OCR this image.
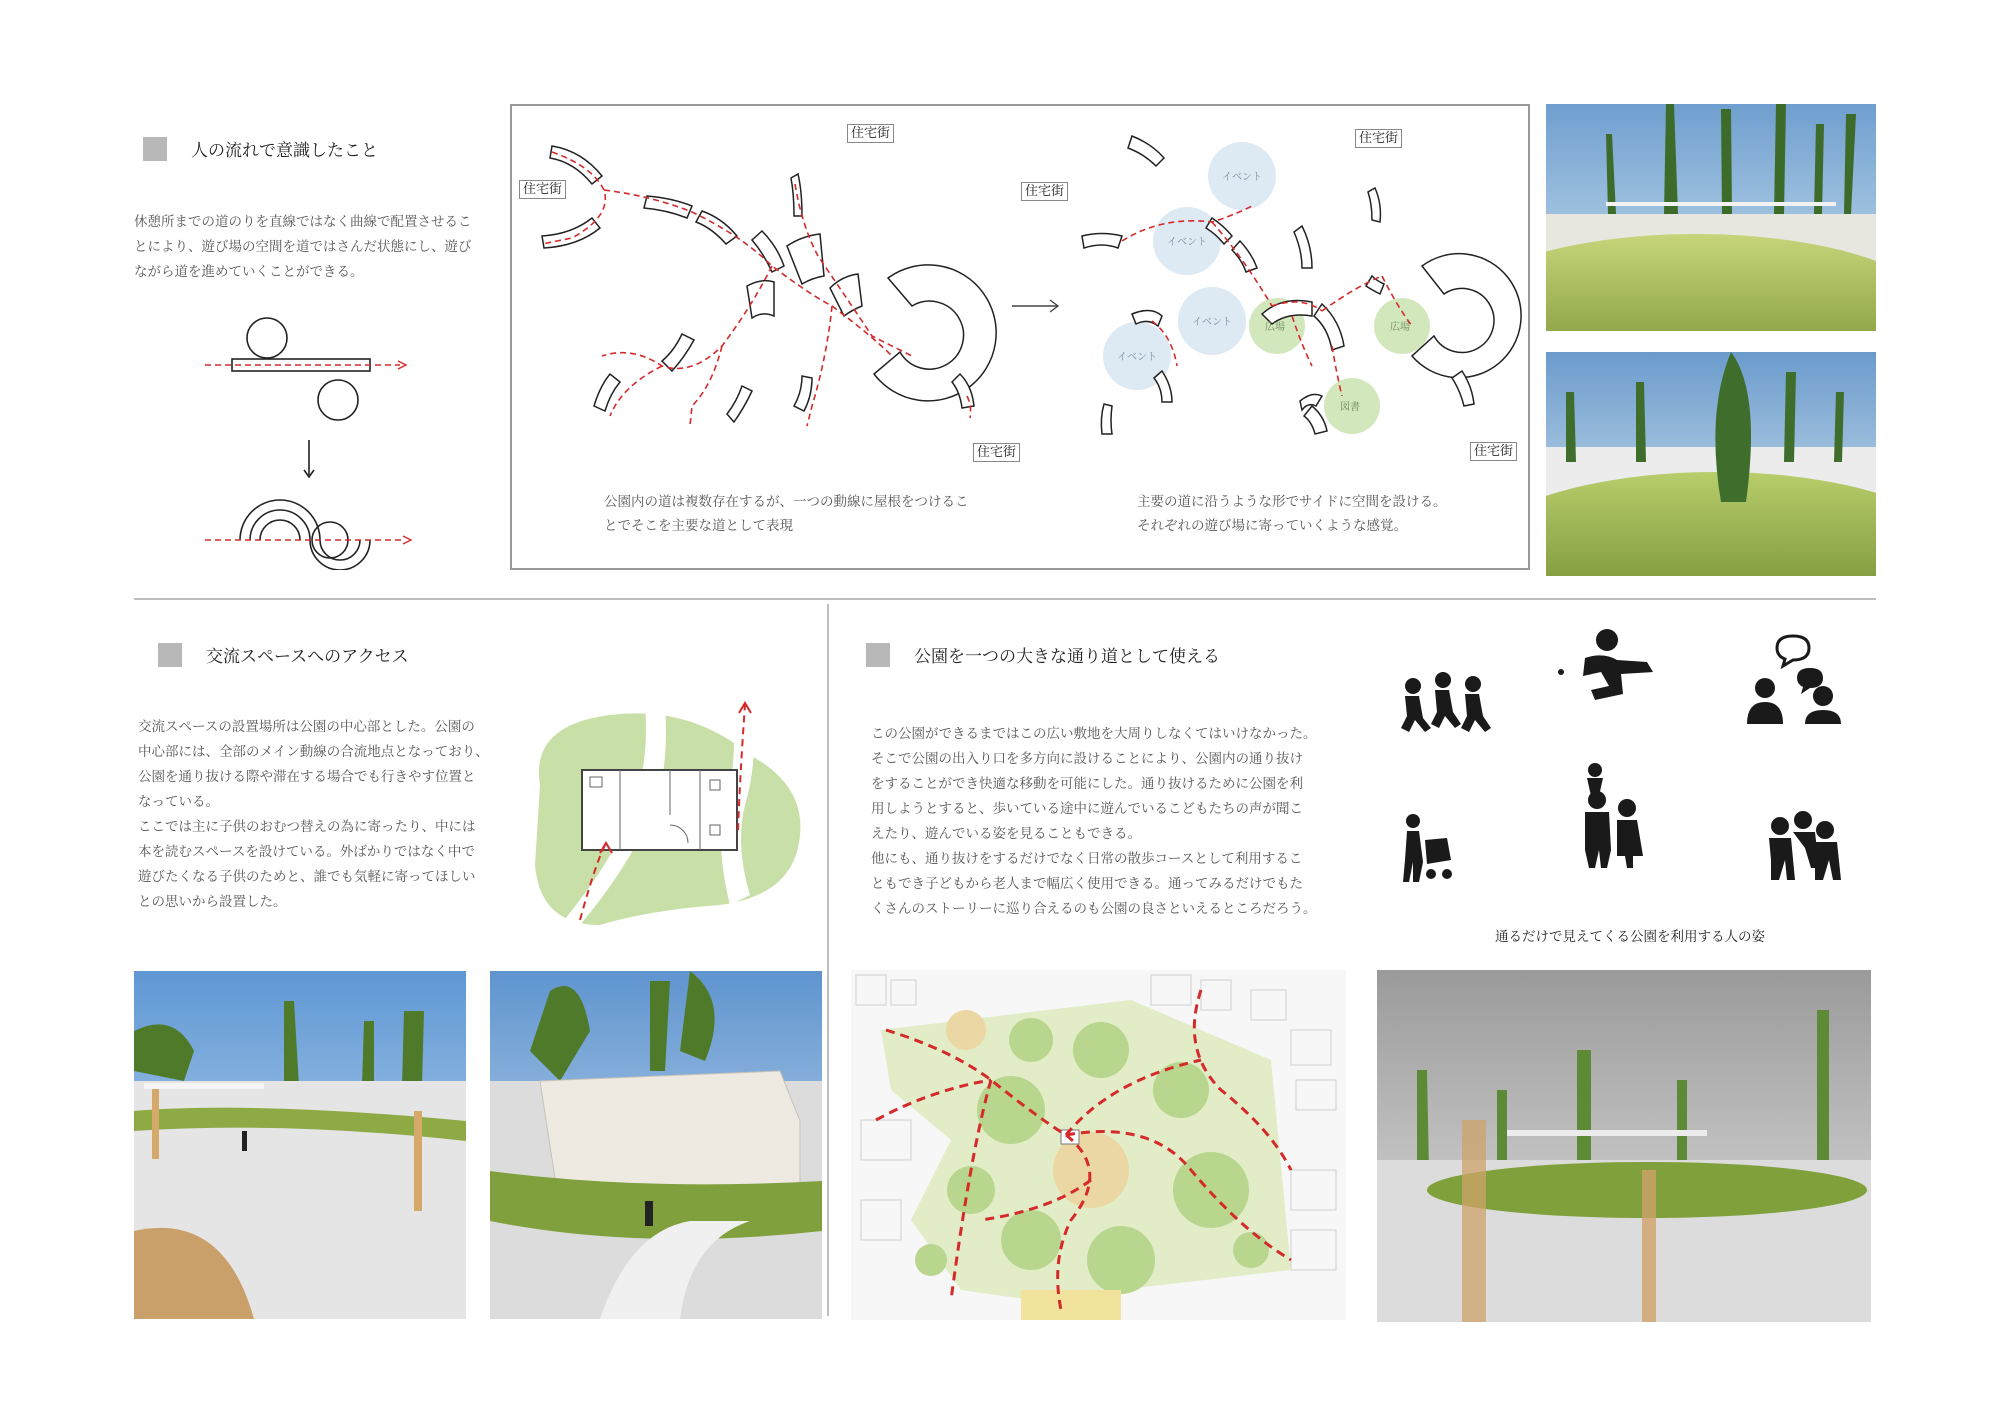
人の流れで意識したこと

休憩所までの道のりを直線ではなく曲線で配置させるこ

とにより、遊び場の空間を道ではさんだ状態にし、遊び

ながら道を進めていくことができる。

住宅街
住宅街
住宅街
住宅街
住宅街
住宅街
イベント
イベント
イベント
イベント
広場	広場
図書

公園内の道は複数存在するが、一つの動線に屋根をつけるこ

とでそこを主要な道として表現

主要の道に沿うような形でサイドに空間を設ける。

それぞれの遊び場に寄っていくような感覚。

交流スペースへのアクセス

交流スペースの設置場所は公園の中心部とした。公園の

中心部には、全部のメイン動線の合流地点となっており、

公園を通り抜ける際や滞在する場合でも行きやす位置と

なっている。

ここでは主に子供のおむつ替えの為に寄ったり、中には

本を読むスペースを設けている。外ばかりではなく中で

遊びたくなる子供のためと、誰でも気軽に寄ってほしい

との思いから設置した。

公園を一つの大きな通り道として使える

この公園ができるまではこの広い敷地を大周りしなくてはいけなかった。

そこで公園の出入り口を多方向に設けることにより、公園内の通り抜け

をすることができ快適な移動を可能にした。通り抜けるために公園を利

用しようとすると、歩いている途中に遊んでいるこどもたちの声が聞こ

えたり、遊んでいる姿を見ることもできる。

他にも、通り抜けをするだけでなく日常の散歩コースとして利用するこ

ともでき子どもから老人まで幅広く使用できる。通ってみるだけでもた

くさんのストーリーに巡り合えるのも公園の良さといえるところだろう。

通るだけで見えてくる公園を利用する人の姿
